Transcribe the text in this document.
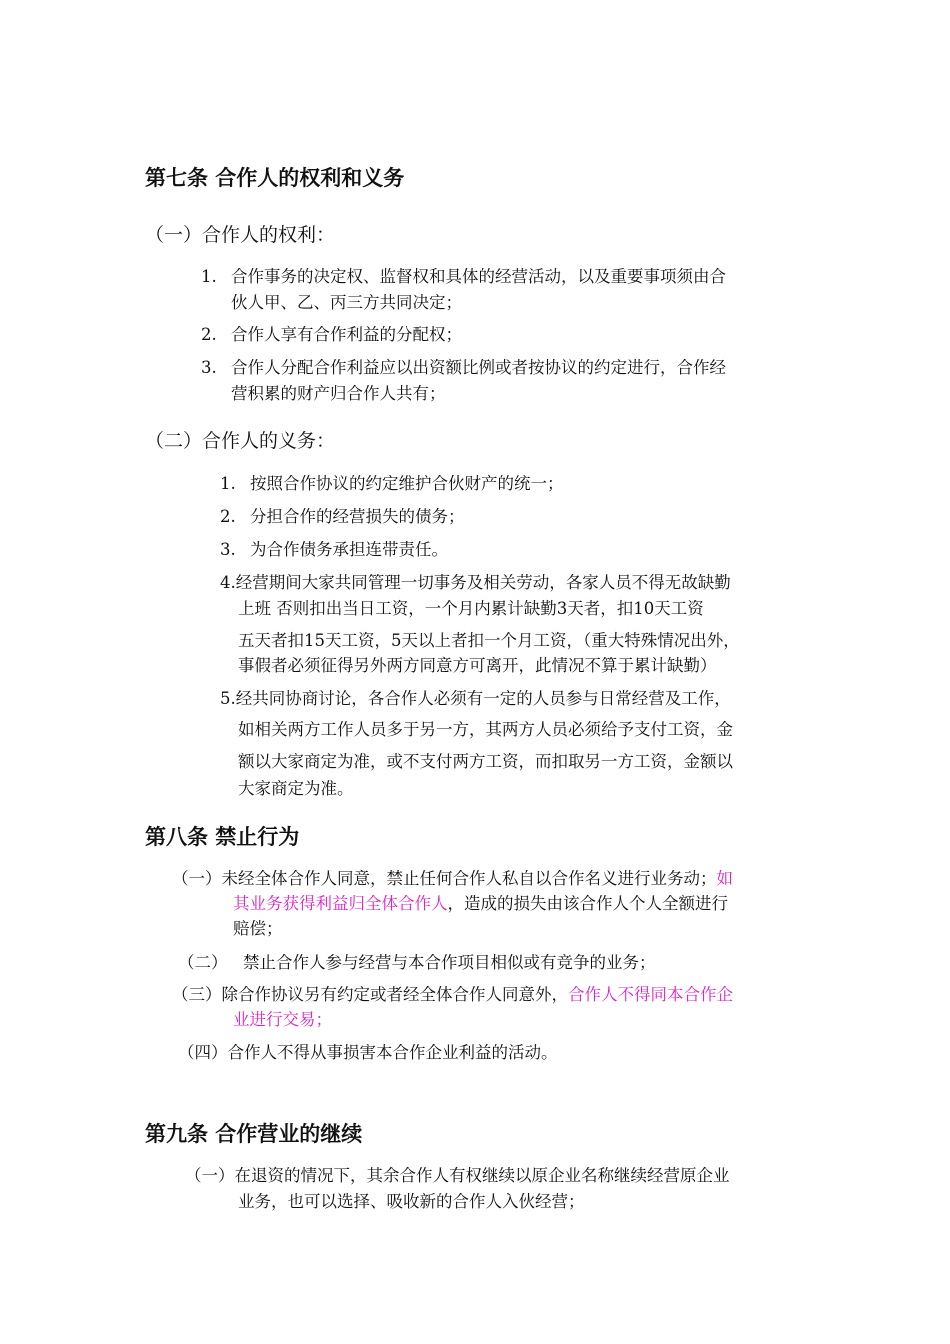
第七条 合作人的权利和义务
（一）合作人的权利：
1. 合作事务的决定权、监督权和具体的经营活动，以及重要事项须由合
伙人甲、乙、丙三方共同决定；
2. 合作人享有合作利益的分配权；
3. 合作人分配合作利益应以出资额比例或者按协议的约定进行，合作经
营积累的财产归合作人共有；
（二）合作人的义务：
1. 按照合作协议的约定维护合伙财产的统一；
2. 分担合作的经营损失的债务；
3. 为合作债务承担连带责任。
4.经营期间大家共同管理一切事务及相关劳动，各家人员不得无故缺勤
上班 否则扣出当日工资，一个月内累计缺勤3天者，扣10天工资
五天者扣15天工资，5天以上者扣一个月工资，（重大特殊情况出外，
事假者必须征得另外两方同意方可离开，此情况不算于累计缺勤）
5.经共同协商讨论，各合作人必须有一定的人员参与日常经营及工作，
如相关两方工作人员多于另一方，其两方人员必须给予支付工资，金
额以大家商定为准，或不支付两方工资，而扣取另一方工资，金额以
大家商定为准。
第八条 禁止行为
（一）未经全体合作人同意，禁止任何合作人私自以合作名义进行业务动；如
其业务获得利益归全体合作人，造成的损失由该合作人个人全额进行
赔偿；
（二） 禁止合作人参与经营与本合作项目相似或有竞争的业务；
（三）除合作协议另有约定或者经全体合作人同意外，合作人不得同本合作企
业进行交易；
（四）合作人不得从事损害本合作企业利益的活动。
第九条 合作营业的继续
（一）在退资的情况下，其余合作人有权继续以原企业名称继续经营原企业
业务，也可以选择、吸收新的合作人入伙经营；
